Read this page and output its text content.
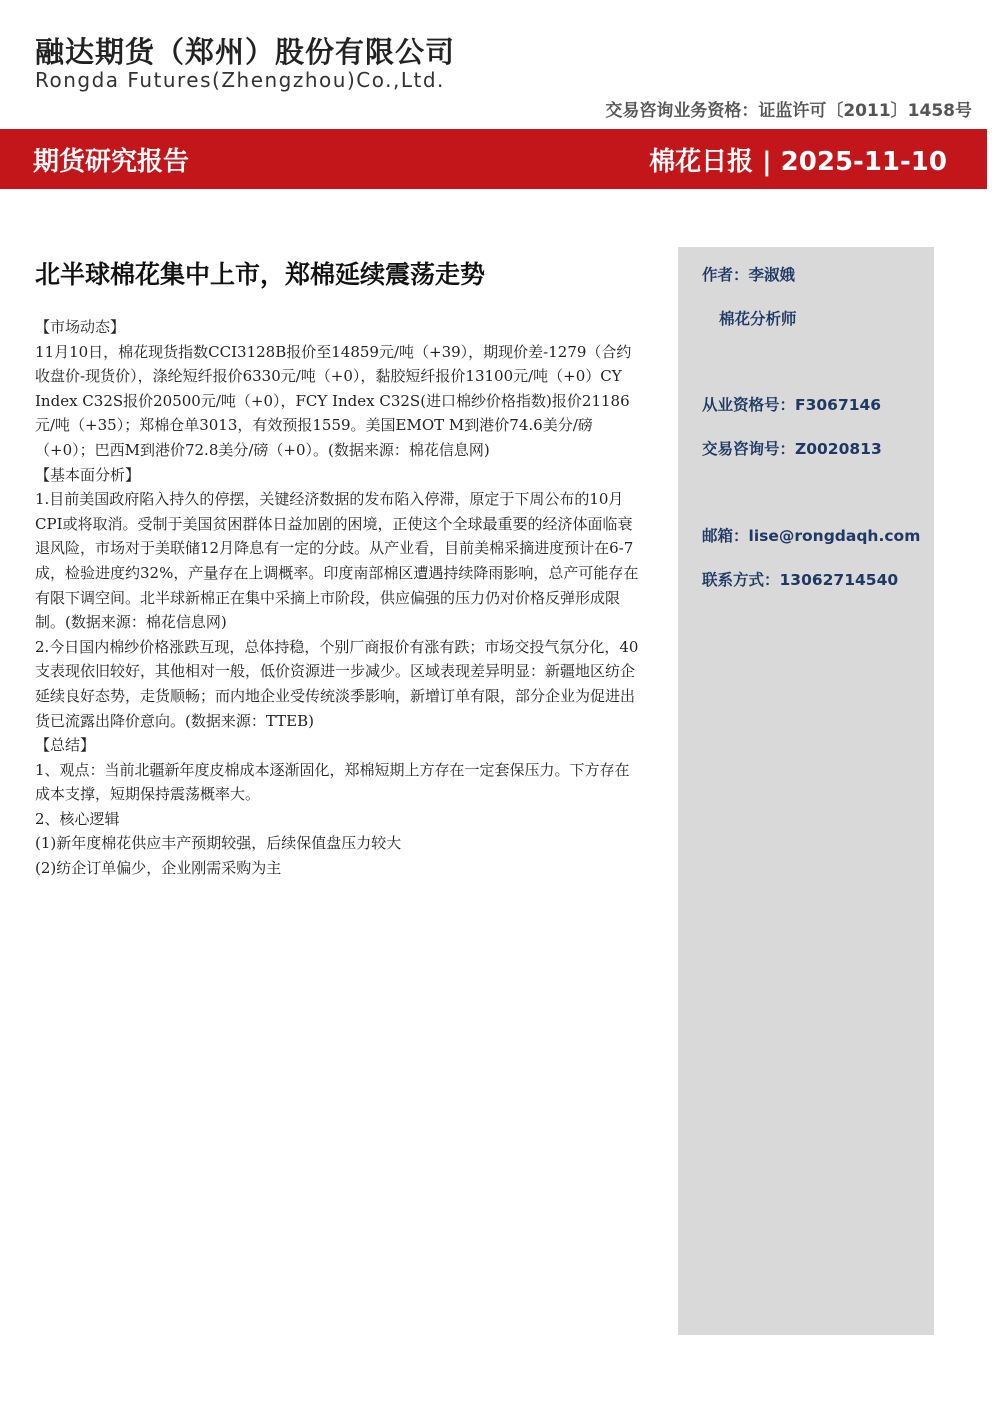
融达期货（郑州）股份有限公司
Rongda Futures(Zhengzhou)Co.,Ltd.
交易咨询业务资格：证监许可〔2011〕1458号
期货研究报告	棉花日报 | 2025-11-10
北半球棉花集中上市，郑棉延续震荡走势

【市场动态】

11月10日，棉花现货指数CCI3128B报价至14859元/吨（+39），期现价差-1279（合约收盘价-现货价），涤纶短纤报价6330元/吨（+0），黏胶短纤报价13100元/吨（+0）CY Index C32S报价20500元/吨（+0），FCY Index C32S(进口棉纱价格指数)报价21186元/吨（+35）；郑棉仓单3013，有效预报1559。美国EMOT M到港价74.6美分/磅（+0）；巴西M到港价72.8美分/磅（+0）。(数据来源：棉花信息网)

【基本面分析】

1.目前美国政府陷入持久的停摆，关键经济数据的发布陷入停滞，原定于下周公布的10月CPI或将取消。受制于美国贫困群体日益加剧的困境，正使这个全球最重要的经济体面临衰退风险，市场对于美联储12月降息有一定的分歧。从产业看，目前美棉采摘进度预计在6-7成，检验进度约32%，产量存在上调概率。印度南部棉区遭遇持续降雨影响，总产可能存在有限下调空间。北半球新棉正在集中采摘上市阶段，供应偏强的压力仍对价格反弹形成限制。(数据来源：棉花信息网)

2.今日国内棉纱价格涨跌互现，总体持稳，个别厂商报价有涨有跌；市场交投气氛分化，40支表现依旧较好，其他相对一般，低价资源进一步减少。区域表现差异明显：新疆地区纺企延续良好态势，走货顺畅；而内地企业受传统淡季影响，新增订单有限，部分企业为促进出货已流露出降价意向。(数据来源：TTEB)

【总结】

1、观点：当前北疆新年度皮棉成本逐渐固化，郑棉短期上方存在一定套保压力。下方存在成本支撑，短期保持震荡概率大。

2、核心逻辑

(1)新年度棉花供应丰产预期较强，后续保值盘压力较大

(2)纺企订单偏少，企业刚需采购为主

作者：李淑娥
棉花分析师
从业资格号：F3067146
交易咨询号：Z0020813
邮箱：lise@rongdaqh.com
联系方式：13062714540
